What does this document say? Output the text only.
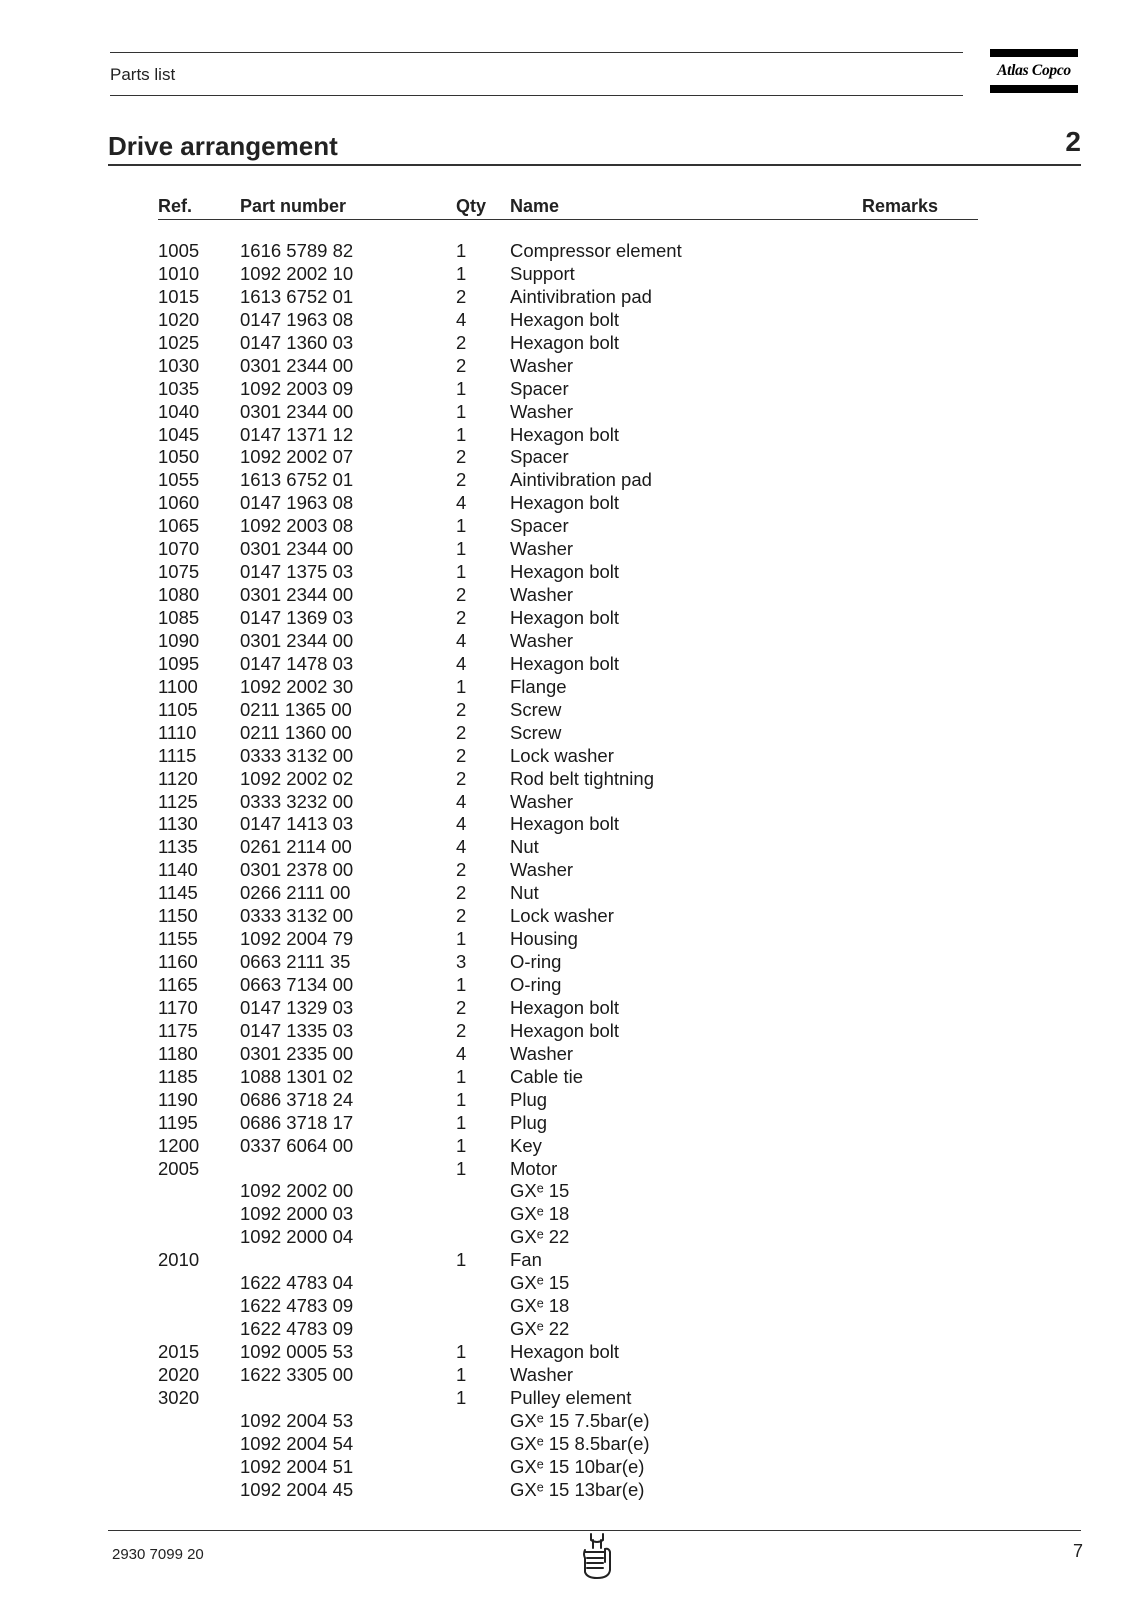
Parts list	Atlas Copco
Drive arrangement	2
Ref.	Part number	Qty Name	Remarks
1005 1616 5789 82	1 Compressor element
1010 1092 2002 10	1 Support
1015 1613 6752 01	2 Aintivibration pad
1020 0147 1963 08	4 Hexagon bolt
1025 0147 1360 03	2 Hexagon bolt
1030 0301 2344 00	2 Washer
1035 1092 2003 09	1 Spacer
1040 0301 2344 00	1 Washer
1045 0147 1371 12	1 Hexagon bolt
1050 1092 2002 07	2 Spacer
1055 1613 6752 01	2 Aintivibration pad
1060 0147 1963 08	4 Hexagon bolt
1065 1092 2003 08	1 Spacer
1070 0301 2344 00	1 Washer
1075 0147 1375 03	1 Hexagon bolt
1080 0301 2344 00	2 Washer
1085 0147 1369 03	2 Hexagon bolt
1090 0301 2344 00	4 Washer
1095 0147 1478 03	4 Hexagon bolt
1100 1092 2002 30	1 Flange
1105 0211 1365 00	2 Screw
1110 0211 1360 00	2 Screw
1115 0333 3132 00	2 Lock washer
1120 1092 2002 02	2 Rod belt tightning
1125 0333 3232 00	4 Washer
1130 0147 1413 03	4 Hexagon bolt
1135 0261 2114 00	4 Nut
1140 0301 2378 00	2 Washer
1145 0266 2111 00	2 Nut
1150 0333 3132 00	2 Lock washer
1155 1092 2004 79	1 Housing
1160 0663 2111 35	3 O-ring
1165 0663 7134 00	1 O-ring
1170 0147 1329 03	2 Hexagon bolt
1175 0147 1335 03	2 Hexagon bolt
1180 0301 2335 00	4 Washer
1185 1088 1301 02	1 Cable tie
1190 0686 3718 24	1 Plug
1195 0686 3718 17	1 Plug
1200 0337 6064 00	1 Key
2005	1 Motor
1092 2002 00	GXᵉ 15
1092 2000 03	GXᵉ 18
1092 2000 04	GXᵉ 22
2010	1 Fan
1622 4783 04	GXᵉ 15
1622 4783 09	GXᵉ 18
1622 4783 09	GXᵉ 22
2015 1092 0005 53	1 Hexagon bolt
2020 1622 3305 00	1 Washer
3020	1 Pulley element
1092 2004 53	GXᵉ 15 7.5bar(e)
1092 2004 54	GXᵉ 15 8.5bar(e)
1092 2004 51	GXᵉ 15 10bar(e)
1092 2004 45	GXᵉ 15 13bar(e)
2930 7099 20	7
